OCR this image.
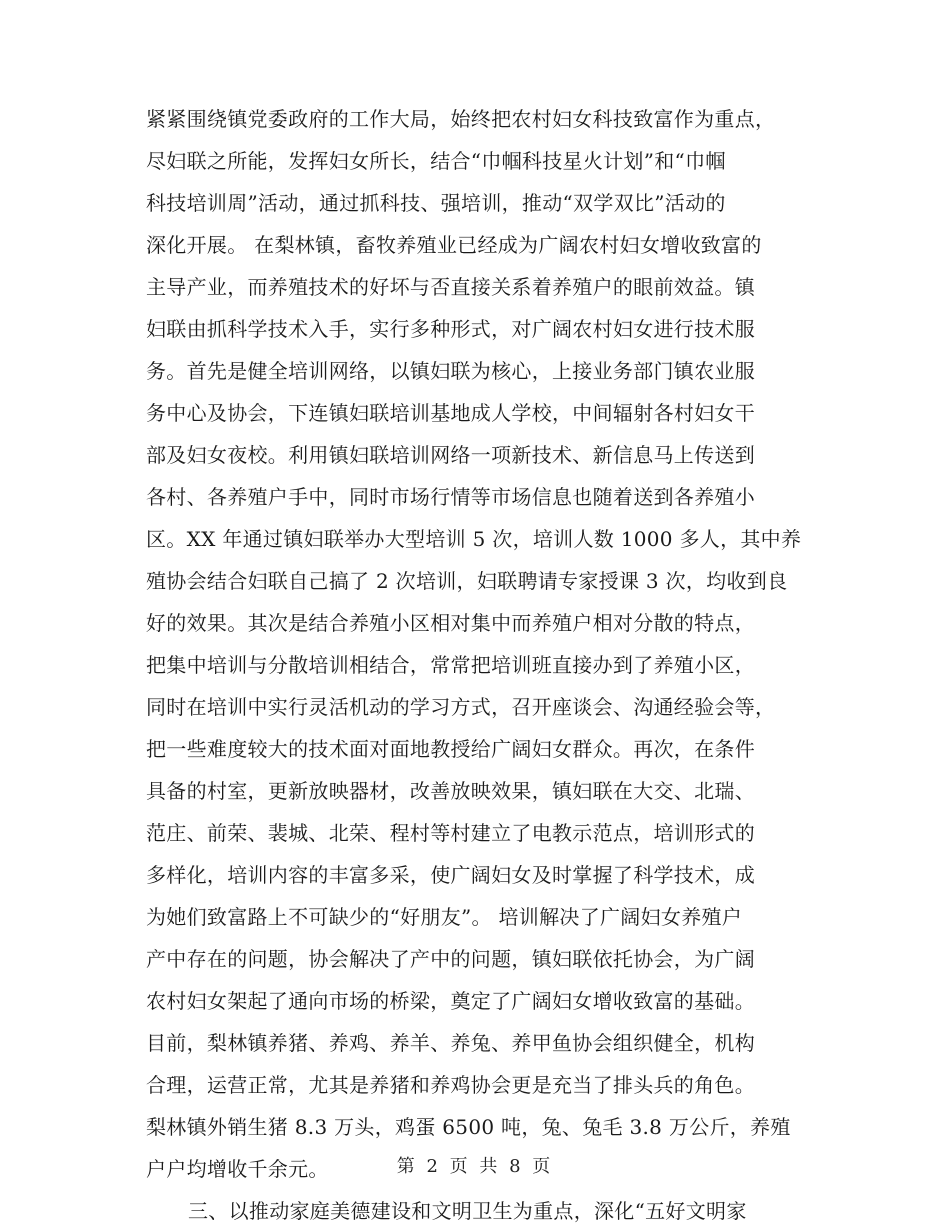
紧紧围绕镇党委政府的工作大局，始终把农村妇女科技致富作为重点，
尽妇联之所能，发挥妇女所长，结合“巾帼科技星火计划”和“巾帼
科技培训周”活动，通过抓科技、强培训，推动“双学双比”活动的
深化开展。 在梨林镇，畜牧养殖业已经成为广阔农村妇女增收致富的
主导产业，而养殖技术的好坏与否直接关系着养殖户的眼前效益。镇
妇联由抓科学技术入手，实行多种形式，对广阔农村妇女进行技术服
务。首先是健全培训网络，以镇妇联为核心，上接业务部门镇农业服
务中心及协会，下连镇妇联培训基地成人学校，中间辐射各村妇女干
部及妇女夜校。利用镇妇联培训网络一项新技术、新信息马上传送到
各村、各养殖户手中，同时市场行情等市场信息也随着送到各养殖小
区。XX 年通过镇妇联举办大型培训 5 次，培训人数 1000 多人，其中养
殖协会结合妇联自己搞了 2 次培训，妇联聘请专家授课 3 次，均收到良
好的效果。其次是结合养殖小区相对集中而养殖户相对分散的特点，
把集中培训与分散培训相结合，常常把培训班直接办到了养殖小区，
同时在培训中实行灵活机动的学习方式，召开座谈会、沟通经验会等，
把一些难度较大的技术面对面地教授给广阔妇女群众。再次，在条件
具备的村室，更新放映器材，改善放映效果，镇妇联在大交、北瑞、
范庄、前荣、裴城、北荣、程村等村建立了电教示范点，培训形式的
多样化，培训内容的丰富多采，使广阔妇女及时掌握了科学技术，成
为她们致富路上不可缺少的“好朋友”。 培训解决了广阔妇女养殖户
产中存在的问题，协会解决了产中的问题，镇妇联依托协会，为广阔
农村妇女架起了通向市场的桥梁，奠定了广阔妇女增收致富的基础。
目前，梨林镇养猪、养鸡、养羊、养兔、养甲鱼协会组织健全，机构
合理，运营正常，尤其是养猪和养鸡协会更是充当了排头兵的角色。
梨林镇外销生猪 8.3 万头，鸡蛋 6500 吨，兔、兔毛 3.8 万公斤，养殖
户户均增收千余元。
三、以推动家庭美德建设和文明卫生为重点，深化“五好文明家
第 2 页 共 8 页
